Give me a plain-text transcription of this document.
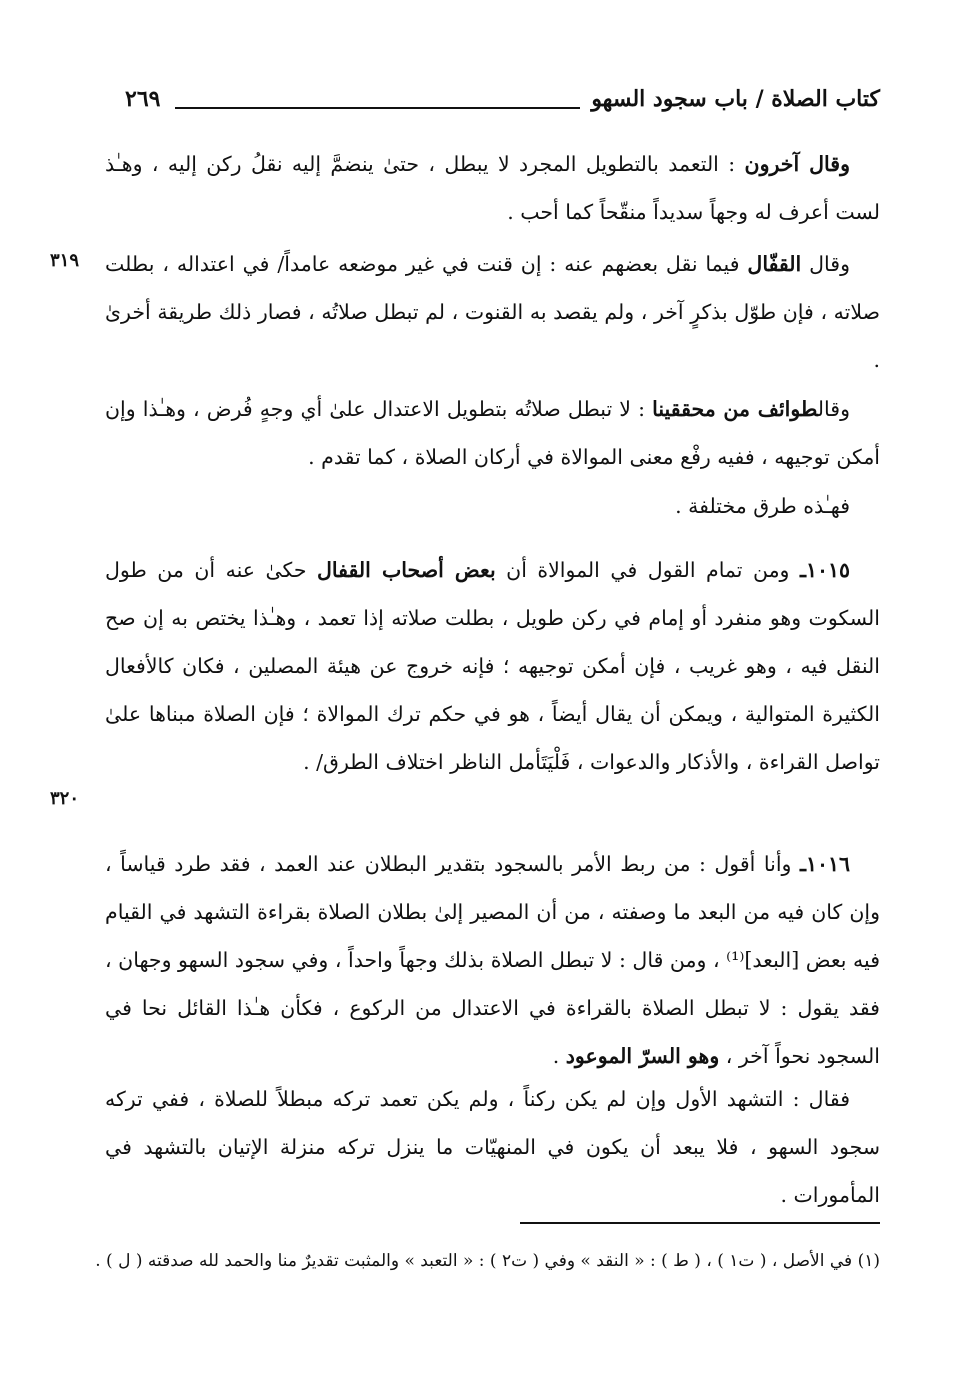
كتاب الصلاة / باب سجود السهو
٢٦٩
وقال آخرون : التعمد بالتطويل المجرد لا يبطل ، حتىٰ ينضمَّ إليه نقلُ ركن إليه ، وهـٰذ لست أعرف له وجهاً سديداً منقّحاً كما أحب .
وقال القفّال فيما نقل بعضهم عنه : إن قنت في غير موضعه عامداً/ في اعتداله ، بطلت صلاته ، فإن طوّل بذكرٍ آخر ، ولم يقصد به القنوت ، لم تبطل صلاتُه ، فصار ذلك طريقة أخرىٰ .
٣١٩
وقالطوائف من محققينا : لا تبطل صلاتُه بتطويل الاعتدال علىٰ أي وجهٍ فُرض ، وهـٰذا وإن أمكن توجيهه ، ففيه رفْع معنى الموالاة في أركان الصلاة ، كما تقدم .
فهـٰذه طرق مختلفة .
١٠١٥ـ ومن تمام القول في الموالاة أن بعض أصحاب القفال حكىٰ عنه أن من طول السكوت وهو منفرد أو إمام في ركن طويل ، بطلت صلاته إذا تعمد ، وهـٰذا يختص به إن صح النقل فيه ، وهو غريب ، فإن أمكن توجيهه ؛ فإنه خروج عن هيئة المصلين ، فكان كالأفعال الكثيرة المتوالية ، ويمكن أن يقال أيضاً ، هو في حكم ترك الموالاة ؛ فإن الصلاة مبناها علىٰ تواصل القراءة ، والأذكار والدعوات ، فَلْيَتَأمل الناظر اختلاف الطرق/ .
٣٢٠
١٠١٦ـ وأنا أقول : من ربط الأمر بالسجود بتقدير البطلان عند العمد ، فقد طرد قياساً ، وإن كان فيه من البعد ما وصفته ، من أن المصير إلىٰ بطلان الصلاة بقراءة التشهد في القيام فيه بعض [البعد]⁽¹⁾ ، ومن قال : لا تبطل الصلاة بذلك وجهاً واحداً ، وفي سجود السهو وجهان ، فقد يقول : لا تبطل الصلاة بالقراءة في الاعتدال من الركوع ، فكأن هـٰذا القائل نحا في السجود نحواً آخر ، وهو السرّ الموعود .
فقال : التشهد الأول وإن لم يكن ركناً ، ولم يكن تعمد تركه مبطلاً للصلاة ، ففي تركه سجود السهو ، فلا يبعد أن يكون في المنهيّات ما ينزل تركه منزلة الإتيان بالتشهد في المأمورات .
(١) في الأصل ، ( ت١ ) ، ( ط ) : « النقد » وفي ( ت٢ ) : « التعبد » والمثبت تقديرٌ منا والحمد لله صدقته ( ل ) .
